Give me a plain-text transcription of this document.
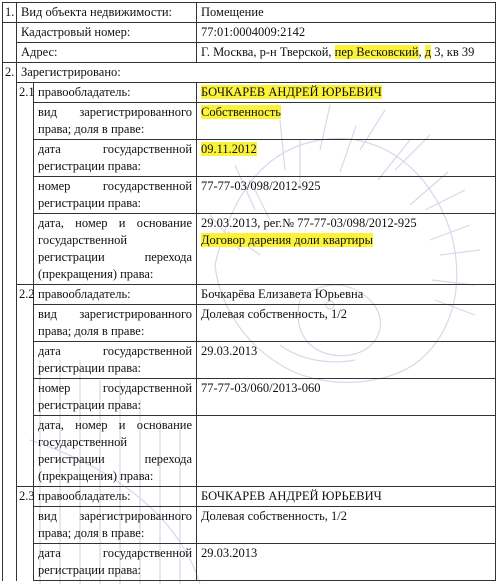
1.	Вид объекта недвижимости:		Помещение
	Кадастровый номер:		77:01:0004009:2142
	Адрес:		Г. Москва, р-н Тверской, пер Весковский, д 3, кв 39
2.	Зарегистрировано:		
	2.1	правообладатель:	БОЧКАРЕВ АНДРЕЙ ЮРЬЕВИЧ
		вид зарегистрированного права; доля в праве:	Собственность
		дата государственной регистрации права:	09.11.2012
		номер государственной регистрации права:	77-77-03/098/2012-925
		дата, номер и основание государственной регистрации перехода (прекращения) права:	29.03.2013, рег.№ 77-77-03/098/2012-925
Договор дарения доли квартиры

	2.2	правообладатель:	Бочкарёва Елизавета Юрьевна
		вид зарегистрированного права; доля в праве:	Долевая собственность, 1/2
		дата государственной регистрации права:	29.03.2013
		номер государственной регистрации права:	77-77-03/060/2013-060
		дата, номер и основание государственной регистрации перехода (прекращения) права:	
	2.3	правообладатель:	БОЧКАРЕВ АНДРЕЙ ЮРЬЕВИЧ
		вид зарегистрированного права; доля в праве:	Долевая собственность, 1/2
		дата государственной регистрации права:	29.03.2013
